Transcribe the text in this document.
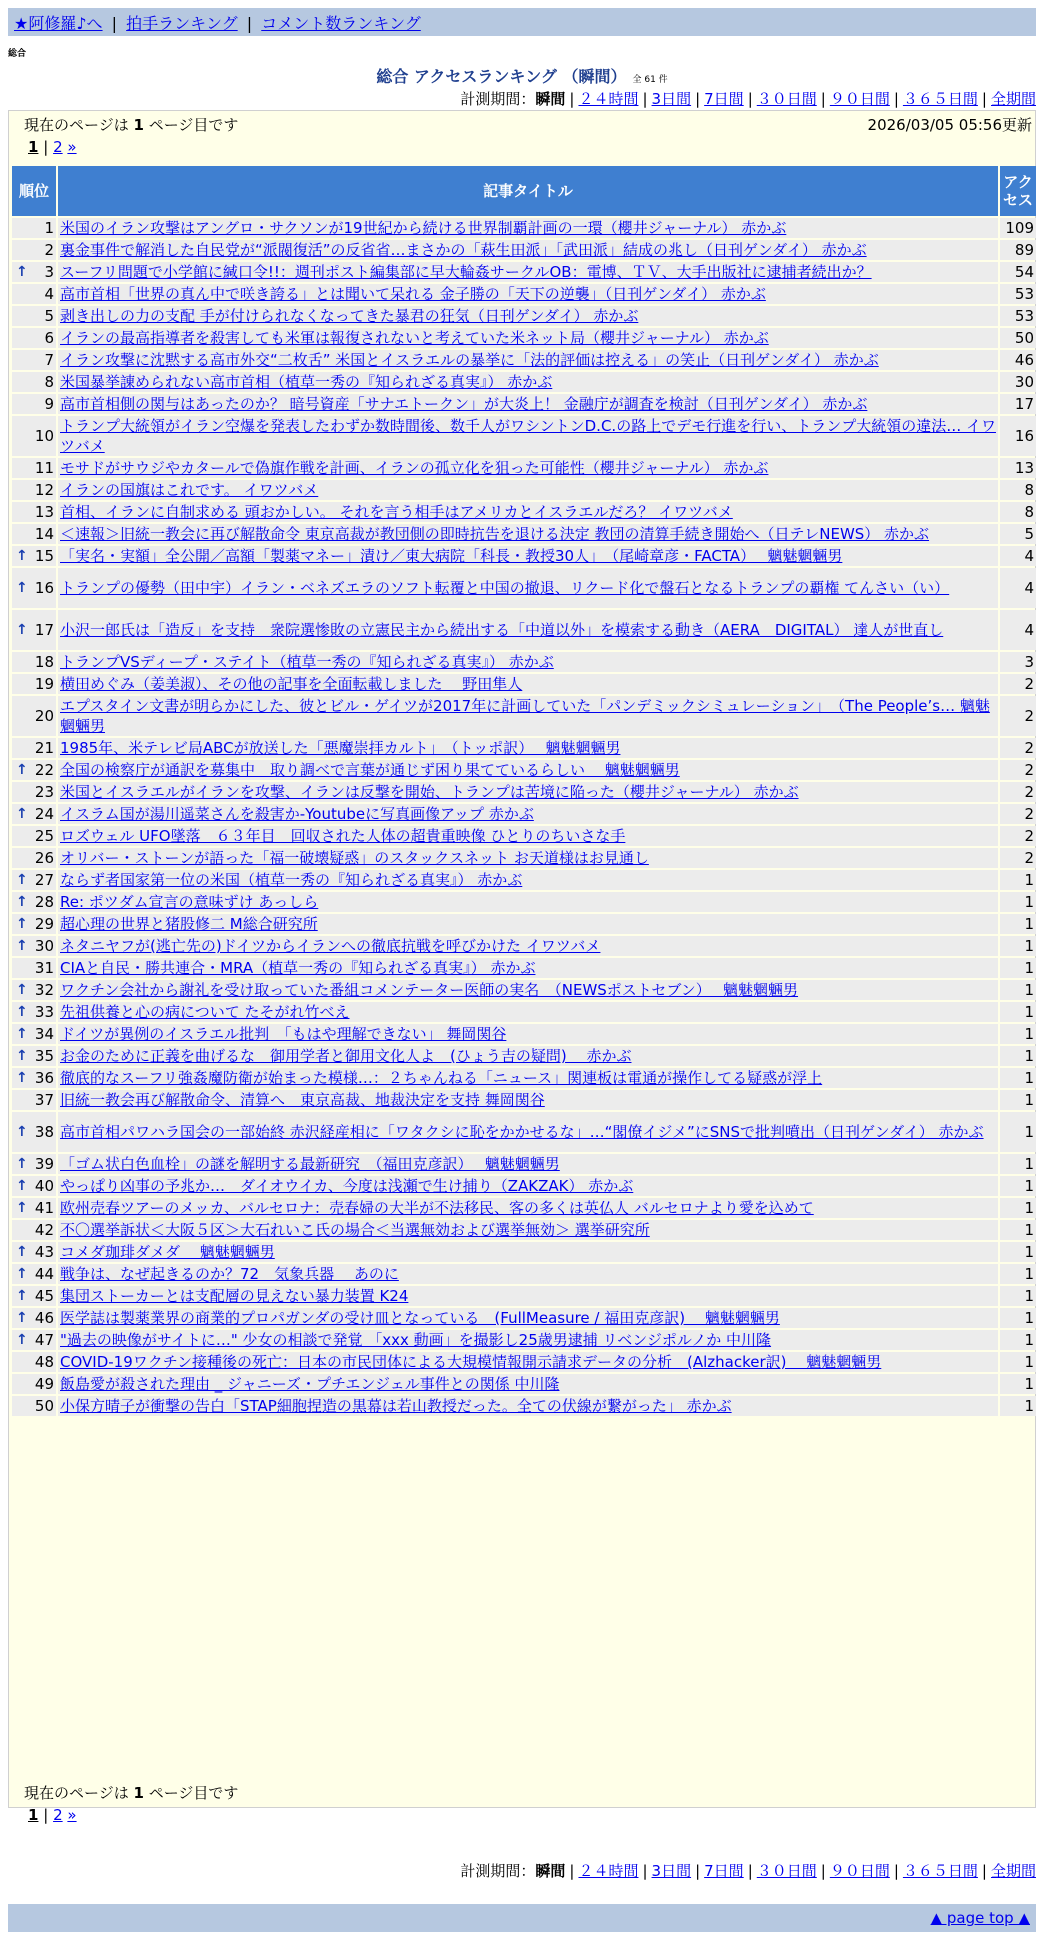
★阿修羅♪へ | 拍手ランキング | コメント数ランキング
総合
総合 アクセスランキング （瞬間） 全 61 件
計測期間：瞬間 | ２４時間 | 3日間 | 7日間 | ３０日間 | ９０日間 | ３６５日間 | 全期間
現在のページは 1 ページ目です	2026/03/05 05:56更新
1 | 2 »
順位	記事タイトル	アクセス
1	米国のイラン攻撃はアングロ・サクソンが19世紀から続ける世界制覇計画の一環（櫻井ジャーナル） 赤かぶ	109
2	裏金事件で解消した自民党が“派閥復活”の反省省…まさかの「萩生田派」「武田派」結成の兆し（日刊ゲンダイ） 赤かぶ	89

↑ 3	スーフリ問題で小学館に緘口令!!：週刊ポスト編集部に早大輪姦サークルOB：電博、ＴＶ、大手出版社に逮捕者続出か？	54
4	高市首相「世界の真ん中で咲き誇る」とは聞いて呆れる 金子勝の「天下の逆襲」（日刊ゲンダイ） 赤かぶ	53
5	剥き出しの力の支配 手が付けられなくなってきた暴君の狂気（日刊ゲンダイ） 赤かぶ	53
6	イランの最高指導者を殺害しても米軍は報復されないと考えていた米ネット局（櫻井ジャーナル） 赤かぶ	50
7	イラン攻撃に沈黙する高市外交“二枚舌” 米国とイスラエルの暴挙に「法的評価は控える」の笑止（日刊ゲンダイ） 赤かぶ	46
8	米国暴挙諌められない高市首相（植草一秀の『知られざる真実』） 赤かぶ	30
9	高市首相側の関与はあったのか？ 暗号資産「サナエトークン」が大炎上！ 金融庁が調査を検討（日刊ゲンダイ） 赤かぶ	17
10	トランプ大統領がイラン空爆を発表したわずか数時間後、数千人がワシントンD.C.の路上でデモ行進を行い、トランプ大統領の違法… イワツバメ	16
11	モサドがサウジやカタールで偽旗作戦を計画、イランの孤立化を狙った可能性（櫻井ジャーナル） 赤かぶ	13
12	イランの国旗はこれです。 イワツバメ	8
13	首相、イランに自制求める 頭おかしい。 それを言う相手はアメリカとイスラエルだろ？ イワツバメ	8
14	＜速報＞旧統一教会に再び解散命令 東京高裁が教団側の即時抗告を退ける決定 教団の清算手続き開始へ（日テレNEWS） 赤かぶ	5

↑ 15	「実名・実額」全公開／高額「製薬マネー」漬け／東大病院「科長・教授30人」　（尾崎章彦・FACTA）　 魑魅魍魎男	4

↑ 16	トランプの優勢（田中宇）イラン・ベネズエラのソフト転覆と中国の撤退、リクード化で盤石となるトランプの覇権 てんさい（い）	4

↑ 17	小沢一郎氏は「造反」を支持　衆院選惨敗の立憲民主から続出する「中道以外」を模索する動き（AERA　DIGITAL） 達人が世直し	4
18	トランプVSディープ・ステイト（植草一秀の『知られざる真実』） 赤かぶ	3
19	横田めぐみ（姜美淑）、その他の記事を全面転載しました　 野田隼人	2
20	エプスタイン文書が明らかにした、彼とビル・ゲイツが2017年に計画していた「パンデミックシミュレーション」　（The People’s… 魑魅魍魎男	2
21	1985年、米テレビ局ABCが放送した「悪魔崇拝カルト」　（トッポ訳）　 魑魅魍魎男	2

↑ 22	全国の検察庁が通訳を募集中　取り調べで言葉が通じず困り果てているらしい　 魑魅魍魎男	2
23	米国とイスラエルがイランを攻撃、イランは反撃を開始、トランプは苦境に陥った（櫻井ジャーナル） 赤かぶ	2

↑ 24	イスラム国が湯川遥菜さんを殺害か-Youtubeに写真画像アップ 赤かぶ	2
25	ロズウェル UFO墜落　６３年目　回収された人体の超貴重映像 ひとりのちいさな手	2
26	オリバー・ストーンが語った「福一破壊疑惑」のスタックスネット お天道様はお見通し	2

↑ 27	ならず者国家第一位の米国（植草一秀の『知られざる真実』） 赤かぶ	1

↑ 28	Re: ポツダム宣言の意味ずけ あっしら	1

↑ 29	超心理の世界と猪股修二 M総合研究所	1

↑ 30	ネタニヤフが(逃亡先の)ドイツからイランへの徹底抗戦を呼びかけた イワツバメ	1
31	CIAと自民・勝共連合・MRA（植草一秀の『知られざる真実』） 赤かぶ	1

↑ 32	ワクチン会社から謝礼を受け取っていた番組コメンテーター医師の実名　（NEWSポストセブン）　 魑魅魍魎男	1

↑ 33	先祖供養と心の病について たそがれ竹べえ	1

↑ 34	ドイツが異例のイスラエル批判　「もはや理解できない」 舞岡関谷	1

↑ 35	お金のために正義を曲げるな　御用学者と御用文化人よ　(ひょう吉の疑問)　 赤かぶ	1

↑ 36	徹底的なスーフリ強姦魔防衛が始まった模様…：２ちゃんねる「ニュース」関連板は電通が操作してる疑惑が浮上	1
37	旧統一教会再び解散命令、清算へ　東京高裁、地裁決定を支持 舞岡関谷	1

↑ 38	高市首相パワハラ国会の一部始終 赤沢経産相に「ワタクシに恥をかかせるな」…“閣僚イジメ”にSNSで批判噴出（日刊ゲンダイ） 赤かぶ	1

↑ 39	「ゴム状白色血栓」の謎を解明する最新研究　（福田克彦訳）　 魑魅魍魎男	1

↑ 40	やっぱり凶事の予兆か…　ダイオウイカ、今度は浅瀬で生け捕り（ZAKZAK） 赤かぶ	1

↑ 41	欧州売春ツアーのメッカ、バルセロナ：売春婦の大半が不法移民、客の多くは英仏人 バルセロナより愛を込めて	1
42	不〇選挙訴状＜大阪５区＞大石れいこ氏の場合＜当選無効および選挙無効＞ 選挙研究所	1

↑ 43	コメダ珈琲ダメダ　 魑魅魍魎男	1

↑ 44	戦争は、なぜ起きるのか？72　気象兵器　 あのに	1

↑ 45	集団ストーカーとは支配層の見えない暴力装置 K24	1

↑ 46	医学誌は製薬業界の商業的プロパガンダの受け皿となっている　(FullMeasure / 福田克彦訳)　 魑魅魍魎男	1

↑ 47	"過去の映像がサイトに…" 少女の相談で発覚 「xxx 動画」を撮影し25歳男逮捕 リベンジポルノか 中川隆	1
48	COVID-19ワクチン接種後の死亡：日本の市民団体による大規模情報開示請求データの分析　(Alzhacker訳)　 魑魅魍魎男	1
49	飯島愛が殺された理由 _ ジャニーズ・プチエンジェル事件との関係 中川隆	1
50	小保方晴子が衝撃の告白「STAP細胞捏造の黒幕は若山教授だった。全ての伏線が繋がった」 赤かぶ	1
現在のページは 1 ページ目です
1 | 2 »
計測期間：瞬間 | ２４時間 | 3日間 | 7日間 | ３０日間 | ９０日間 | ３６５日間 | 全期間
▲ page top ▲
